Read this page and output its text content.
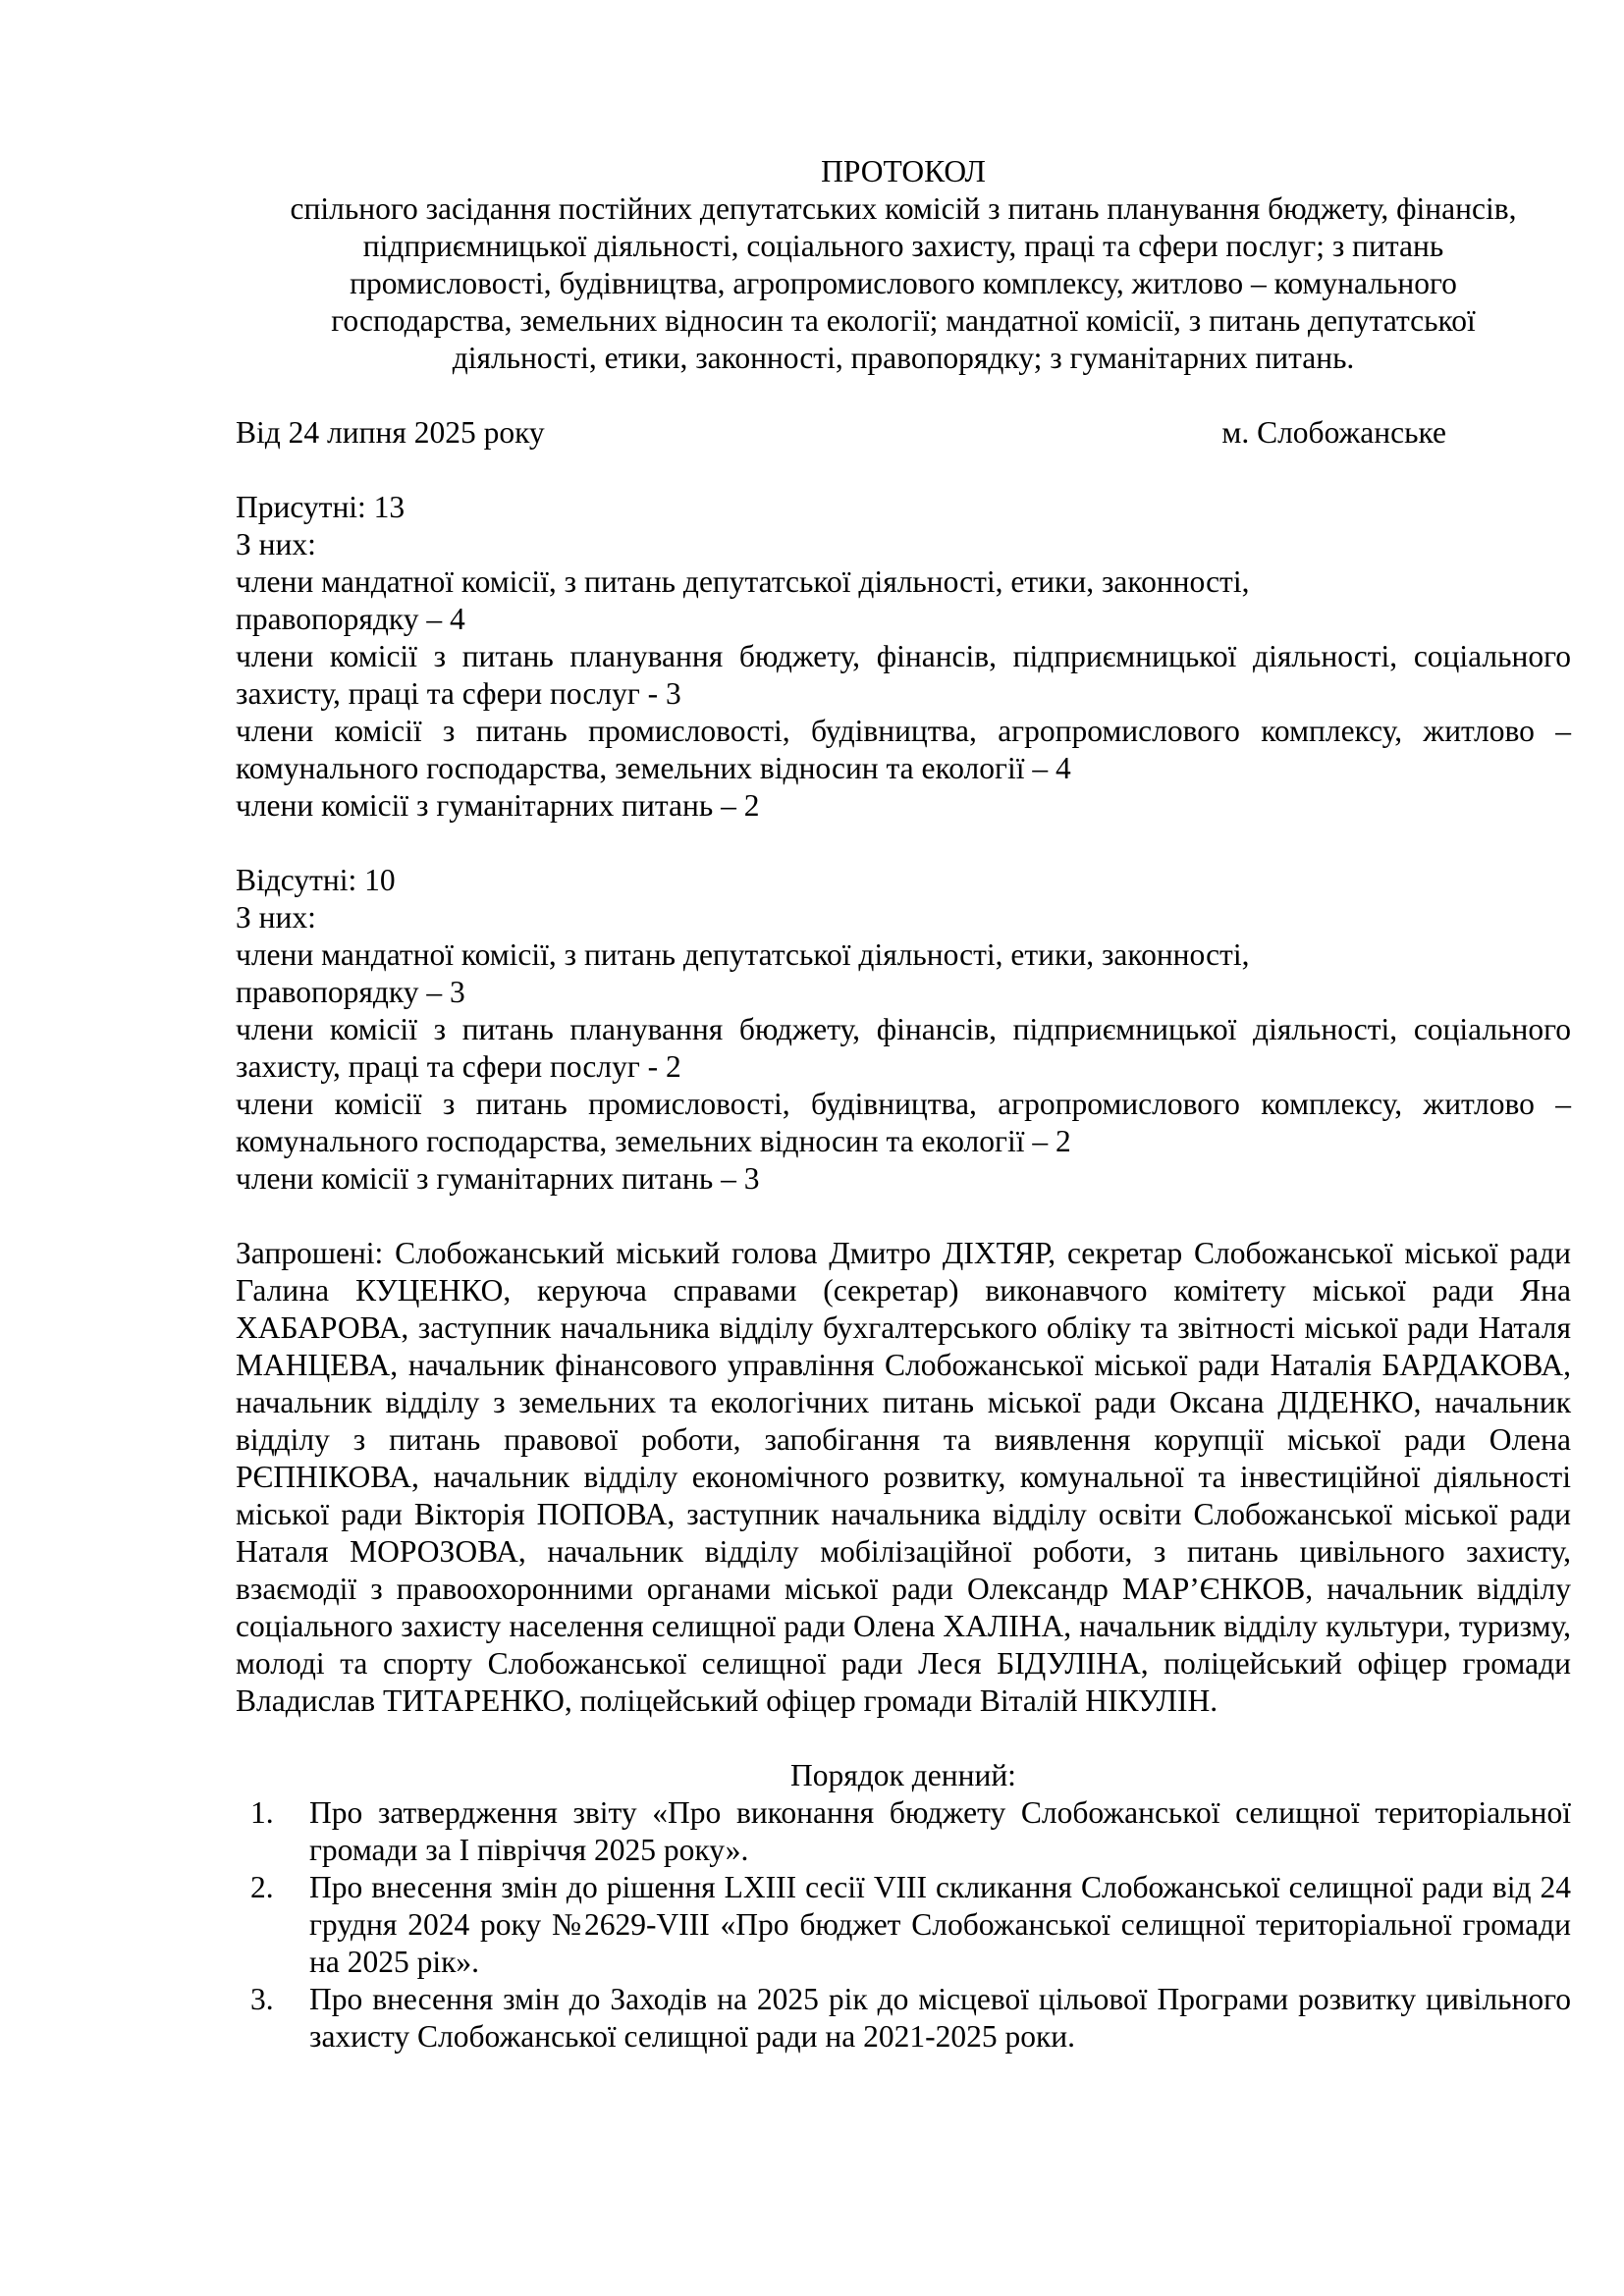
ПРОТОКОЛ
спільного засідання постійних депутатських комісій з питань планування бюджету, фінансів,
підприємницької діяльності, соціального захисту, праці та сфери послуг; з питань
промисловості, будівництва, агропромислового комплексу, житлово – комунального
господарства, земельних відносин та екології; мандатної комісії, з питань депутатської
діяльності, етики, законності, правопорядку; з гуманітарних питань.
Від 24 липня 2025 року	м. Слобожанське

Присутні: 13

З них:

члени мандатної комісії, з питань депутатської діяльності, етики, законності,

правопорядку – 4

члени комісії з питань планування бюджету, фінансів, підприємницької діяльності, соціального захисту, праці та сфери послуг - 3

члени комісії з питань промисловості, будівництва, агропромислового комплексу, житлово – комунального господарства, земельних відносин та екології – 4

члени комісії з гуманітарних питань – 2

Відсутні: 10

З них:

члени мандатної комісії, з питань депутатської діяльності, етики, законності,

правопорядку – 3

члени комісії з питань планування бюджету, фінансів, підприємницької діяльності, соціального захисту, праці та сфери послуг - 2

члени комісії з питань промисловості, будівництва, агропромислового комплексу, житлово – комунального господарства, земельних відносин та екології – 2

члени комісії з гуманітарних питань – 3

Запрошені: Слобожанський міський голова Дмитро ДІХТЯР, секретар Слобожанської міської ради Галина КУЦЕНКО, керуюча справами (секретар) виконавчого комітету міської ради Яна ХАБАРОВА, заступник начальника відділу бухгалтерського обліку та звітності міської ради Наталя МАНЦЕВА, начальник фінансового управління Слобожанської міської ради Наталія БАРДАКОВА, начальник відділу з земельних та екологічних питань міської ради Оксана ДІДЕНКО, начальник відділу з питань правової роботи, запобігання та виявлення корупції міської ради Олена РЄПНІКОВА, начальник відділу економічного розвитку, комунальної та інвестиційної діяльності міської ради Вікторія ПОПОВА, заступник начальника відділу освіти Слобожанської міської ради Наталя МОРОЗОВА, начальник відділу мобілізаційної роботи, з питань цивільного захисту, взаємодії з правоохоронними органами міської ради Олександр МАР’ЄНКОВ, начальник відділу соціального захисту населення селищної ради Олена ХАЛІНА, начальник відділу культури, туризму, молоді та спорту Слобожанської селищної ради Леся БІДУЛІНА, поліцейський офіцер громади Владислав ТИТАРЕНКО, поліцейський офіцер громади Віталій НІКУЛІН.

Порядок денний:
1. Про затвердження звіту «Про виконання бюджету Слобожанської селищної територіальної громади за І півріччя 2025 року».
2. Про внесення змін до рішення LXIII сесії VIII скликання Слобожанської селищної ради від 24 грудня 2024 року №2629-VIII «Про бюджет Слобожанської селищної територіальної громади на 2025 рік».
3. Про внесення змін до Заходів на 2025 рік до місцевої цільової Програми розвитку цивільного захисту Слобожанської селищної ради на 2021-2025 роки.
